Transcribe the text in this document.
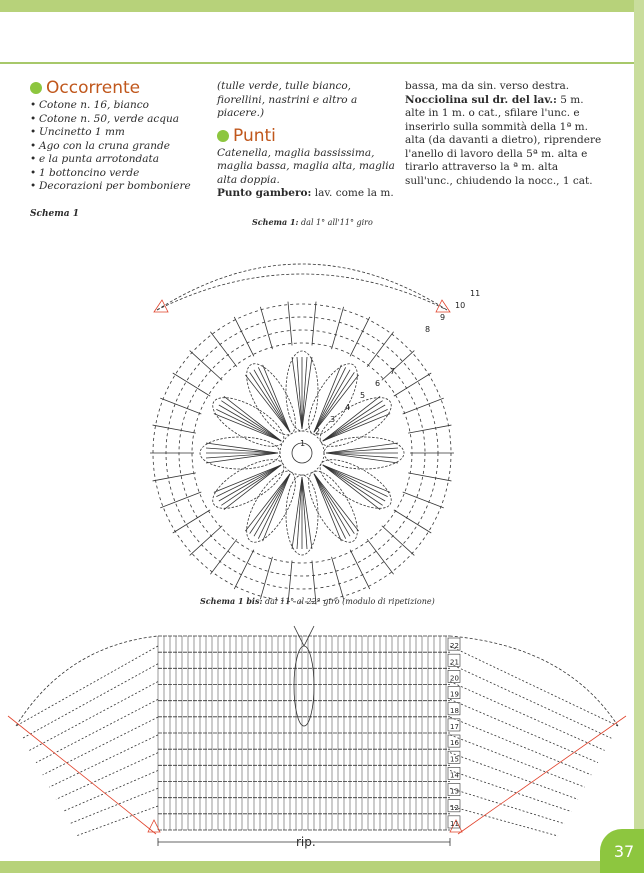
Occorrente
• Cotone n. 16, bianco
• Cotone n. 50, verde acqua
• Uncinetto 1 mm
• Ago con la cruna grande
• e la punta arrotondata
• 1 bottoncino verde
• Decorazioni per bomboniere
(tulle verde, tulle bianco, fiorellini, nastrini e altro a piacere.)
Punti
Catenella, maglia bassissima, maglia bassa, maglia alta, maglia alta doppia.
Punto gambero: lav. come la m.
bassa, ma da sin. verso destra.
Nocciolina sul dr. del lav.: 5 m. alte in 1 m. o cat., sfilare l'unc. e inserirlo sulla sommità della 1ª m. alta (da davanti a dietro), riprendere l'anello di lavoro della 5ª m. alta e tirarlo attraverso la ª m. alta sull'unc., chiudendo la nocc., 1 cat.
Schema 1
Schema 1: dal 1° all'11° giro
1
2
3
4
5
6
7
8
9
10
11
Schema 1 bis: dal 11° al 22° giro (modulo di ripetizione)
22
21
20
19
18
17
16
15
14
13
12
11
rip.	37
